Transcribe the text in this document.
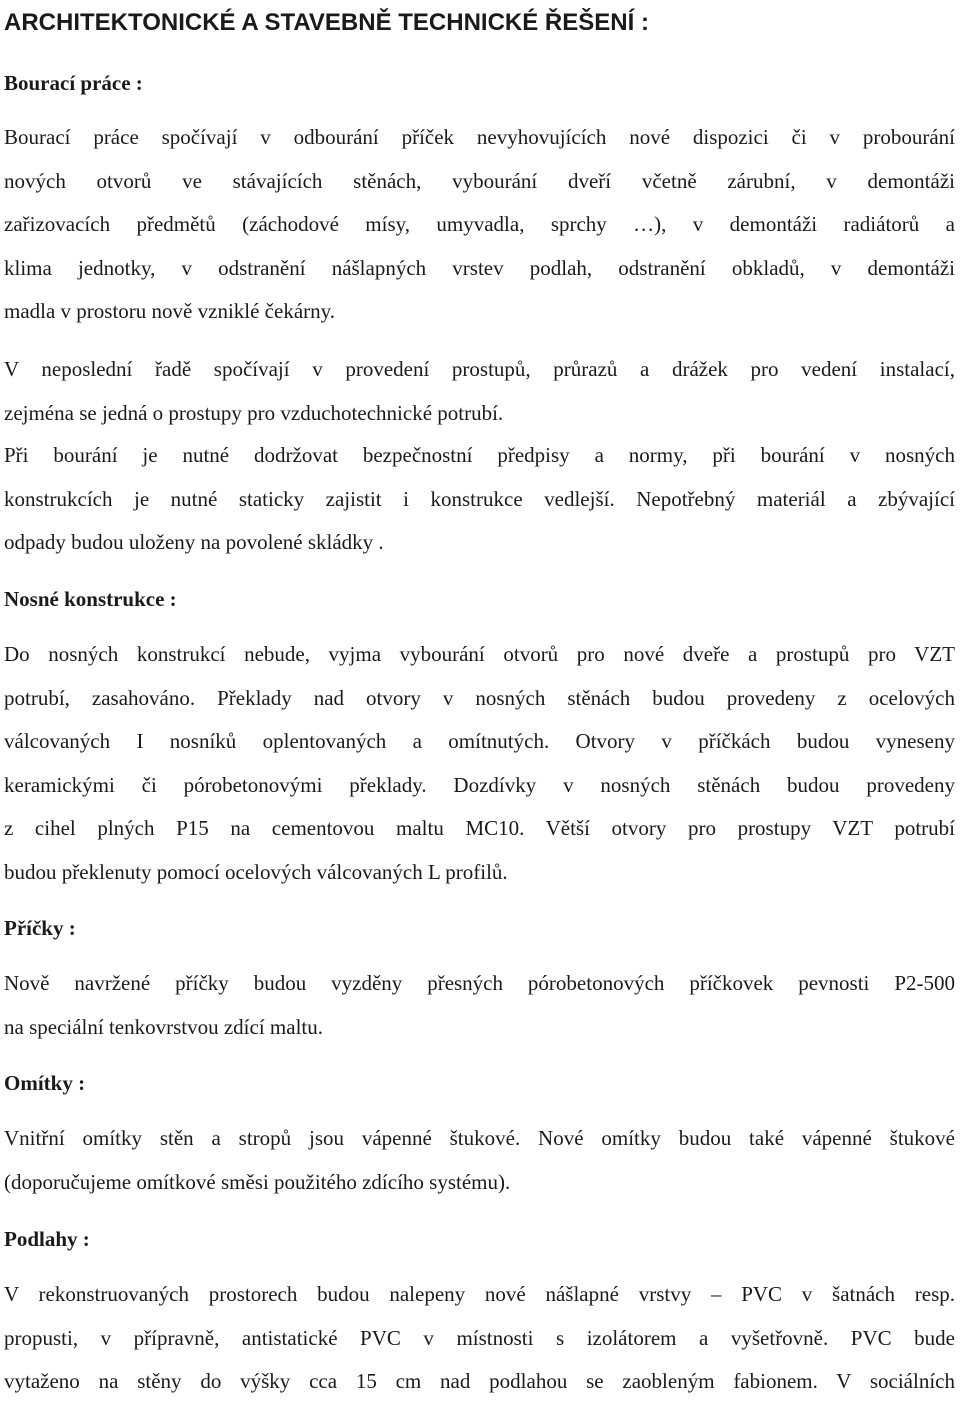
ARCHITEKTONICKÉ A STAVEBNĚ TECHNICKÉ ŘEŠENÍ :
Bourací práce :

Bourací práce spočívají v odbourání příček nevyhovujících nové dispozici či v probourání
nových otvorů ve stávajících stěnách, vybourání dveří včetně zárubní, v demontáži
zařizovacích předmětů (záchodové mísy, umyvadla, sprchy …), v demontáži radiátorů a
klima jednotky, v odstranění nášlapných vrstev podlah, odstranění obkladů, v demontáži
madla v prostoru nově vzniklé čekárny.

V neposlední řadě spočívají v provedení prostupů, průrazů a drážek pro vedení instalací,
zejména se jedná o prostupy pro vzduchotechnické potrubí.

Při bourání je nutné dodržovat bezpečnostní předpisy a normy, při bourání v nosných
konstrukcích je nutné staticky zajistit i konstrukce vedlejší. Nepotřebný materiál a zbývající
odpady budou uloženy na povolené skládky .

Nosné konstrukce :

Do nosných konstrukcí nebude, vyjma vybourání otvorů pro nové dveře a prostupů pro VZT
potrubí, zasahováno. Překlady nad otvory v nosných stěnách budou provedeny z ocelových
válcovaných I nosníků oplentovaných a omítnutých. Otvory v příčkách budou vyneseny
keramickými či pórobetonovými překlady. Dozdívky v nosných stěnách budou provedeny
z cihel plných P15 na cementovou maltu MC10. Větší otvory pro prostupy VZT potrubí
budou překlenuty pomocí ocelových válcovaných L profilů.

Příčky :

Nově navržené příčky budou vyzděny přesných pórobetonových příčkovek pevnosti P2-500
na speciální tenkovrstvou zdící maltu.

Omítky :

Vnitřní omítky stěn a stropů jsou vápenné štukové. Nové omítky budou také vápenné štukové
(doporučujeme omítkové směsi použitého zdícího systému).

Podlahy :

V rekonstruovaných prostorech budou nalepeny nové nášlapné vrstvy – PVC v šatnách resp.
propusti, v přípravně, antistatické PVC v místnosti s izolátorem a vyšetřovně. PVC bude
vytaženo na stěny do výšky cca 15 cm nad podlahou se zaobleným fabionem. V sociálních
